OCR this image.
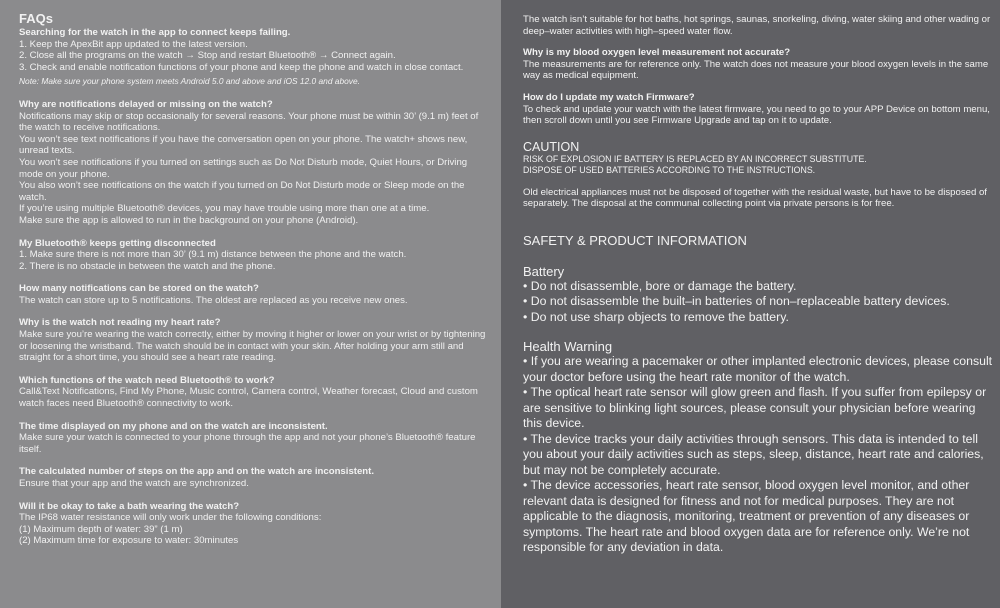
FAQs

Searching for the watch in the app to connect keeps failing.

1. Keep the ApexBit app updated to the latest version.

2. Close all the programs on the watch → Stop and restart Bluetooth® → Connect again.

3. Check and enable notification functions of your phone and keep the phone and watch in close contact.

Note: Make sure your phone system meets Android 5.0 and above and iOS 12.0 and above.

Why are notifications delayed or missing on the watch?

Notifications may skip or stop occasionally for several reasons. Your phone must be within 30’ (9.1 m) feet of the watch to receive notifications.

You won’t see text notifications if you have the conversation open on your phone. The watch+ shows new, unread texts.

You won’t see notifications if you turned on settings such as Do Not Disturb mode, Quiet Hours, or Driving mode on your phone.

You also won’t see notifications on the watch if you turned on Do Not Disturb mode or Sleep mode on the watch.

If you’re using multiple Bluetooth® devices, you may have trouble using more than one at a time.

Make sure the app is allowed to run in the background on your phone (Android).

My Bluetooth® keeps getting disconnected

1. Make sure there is not more than 30’ (9.1 m) distance between the phone and the watch.

2. There is no obstacle in between the watch and the phone.

How many notifications can be stored on the watch?

The watch can store up to 5 notifications. The oldest are replaced as you receive new ones.

Why is the watch not reading my heart rate?

Make sure you’re wearing the watch correctly, either by moving it higher or lower on your wrist or by tightening or loosening the wristband. The watch should be in contact with your skin. After holding your arm still and straight for a short time, you should see a heart rate reading.

Which functions of the watch need Bluetooth® to work?

Call&Text Notifications, Find My Phone, Music control, Camera control, Weather forecast, Cloud and custom watch faces need Bluetooth® connectivity to work.

The time displayed on my phone and on the watch are inconsistent.

Make sure your watch is connected to your phone through the app and not your phone’s Bluetooth® feature itself.

The calculated number of steps on the app and on the watch are inconsistent.

Ensure that your app and the watch are synchronized.

Will it be okay to take a bath wearing the watch?

The IP68 water resistance will only work under the following conditions:

(1) Maximum depth of water: 39” (1 m)

(2) Maximum time for exposure to water: 30minutes

The watch isn’t suitable for hot baths, hot springs, saunas, snorkeling, diving, water skiing and other wading or deep–water activities with high–speed water flow.

Why is my blood oxygen level measurement not accurate?

The measurements are for reference only. The watch does not measure your blood oxygen levels in the same way as medical equipment.

How do I update my watch Firmware?

To check and update your watch with the latest firmware, you need to go to your APP Device on bottom menu, then scroll down until you see Firmware Upgrade and tap on it to update.

CAUTION

RISK OF EXPLOSION IF BATTERY IS REPLACED BY AN INCORRECT SUBSTITUTE.

DISPOSE OF USED BATTERIES ACCORDING TO THE INSTRUCTIONS.

Old electrical appliances must not be disposed of together with the residual waste, but have to be disposed of separately. The disposal at the communal collecting point via private persons is for free.

SAFETY & PRODUCT INFORMATION

Battery

• Do not disassemble, bore or damage the battery.

• Do not disassemble the built–in batteries of non–replaceable battery devices.

• Do not use sharp objects to remove the battery.

Health Warning

• If you are wearing a pacemaker or other implanted electronic devices, please consult your doctor before using the heart rate monitor of the watch.

• The optical heart rate sensor will glow green and flash. If you suffer from epilepsy or are sensitive to blinking light sources, please consult your physician before wearing this device.

• The device tracks your daily activities through sensors. This data is intended to tell you about your daily activities such as steps, sleep, distance, heart rate and calories, but may not be completely accurate.

• The device accessories, heart rate sensor, blood oxygen level monitor, and other relevant data is designed for fitness and not for medical purposes. They are not applicable to the diagnosis, monitoring, treatment or prevention of any diseases or symptoms. The heart rate and blood oxygen data are for reference only. We’re not responsible for any deviation in data.
